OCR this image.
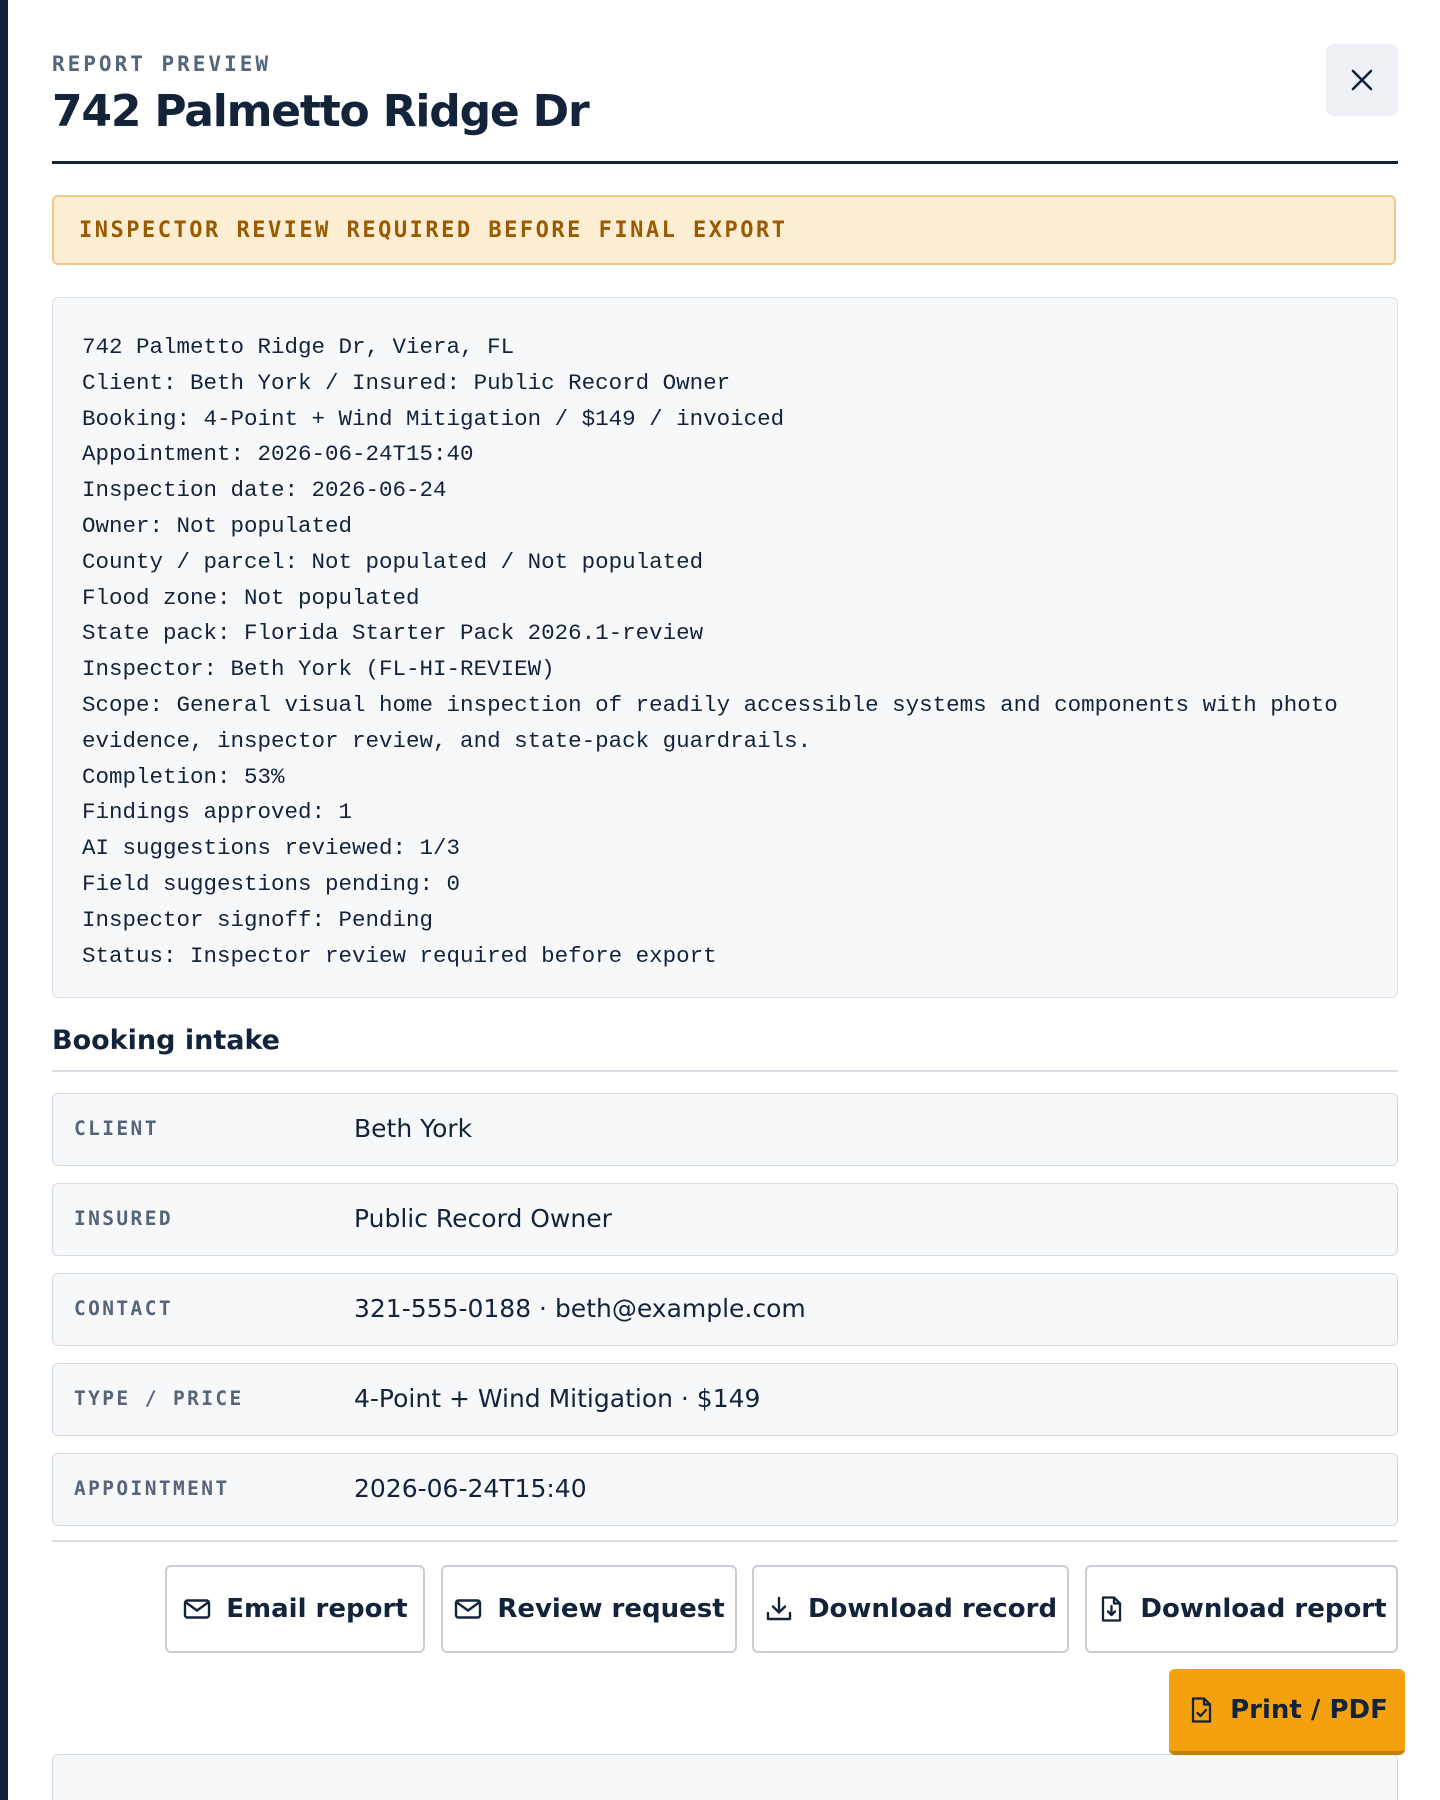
REPORT PREVIEW
742 Palmetto Ridge Dr
INSPECTOR REVIEW REQUIRED BEFORE FINAL EXPORT
742 Palmetto Ridge Dr, Viera, FL
Client: Beth York / Insured: Public Record Owner
Booking: 4-Point + Wind Mitigation / $149 / invoiced
Appointment: 2026-06-24T15:40
Inspection date: 2026-06-24
Owner: Not populated
County / parcel: Not populated / Not populated
Flood zone: Not populated
State pack: Florida Starter Pack 2026.1-review
Inspector: Beth York (FL-HI-REVIEW)
Scope: General visual home inspection of readily accessible systems and components with photo evidence, inspector review, and state-pack guardrails.
Completion: 53%
Findings approved: 1
AI suggestions reviewed: 1/3
Field suggestions pending: 0
Inspector signoff: Pending
Status: Inspector review required before export
Booking intake
CLIENT	Beth York
INSURED	Public Record Owner
CONTACT	321-555-0188 · beth@example.com
TYPE / PRICE	4-Point + Wind Mitigation · $149
APPOINTMENT	2026-06-24T15:40
Email report	Review request	Download record	Download report
Print / PDF
